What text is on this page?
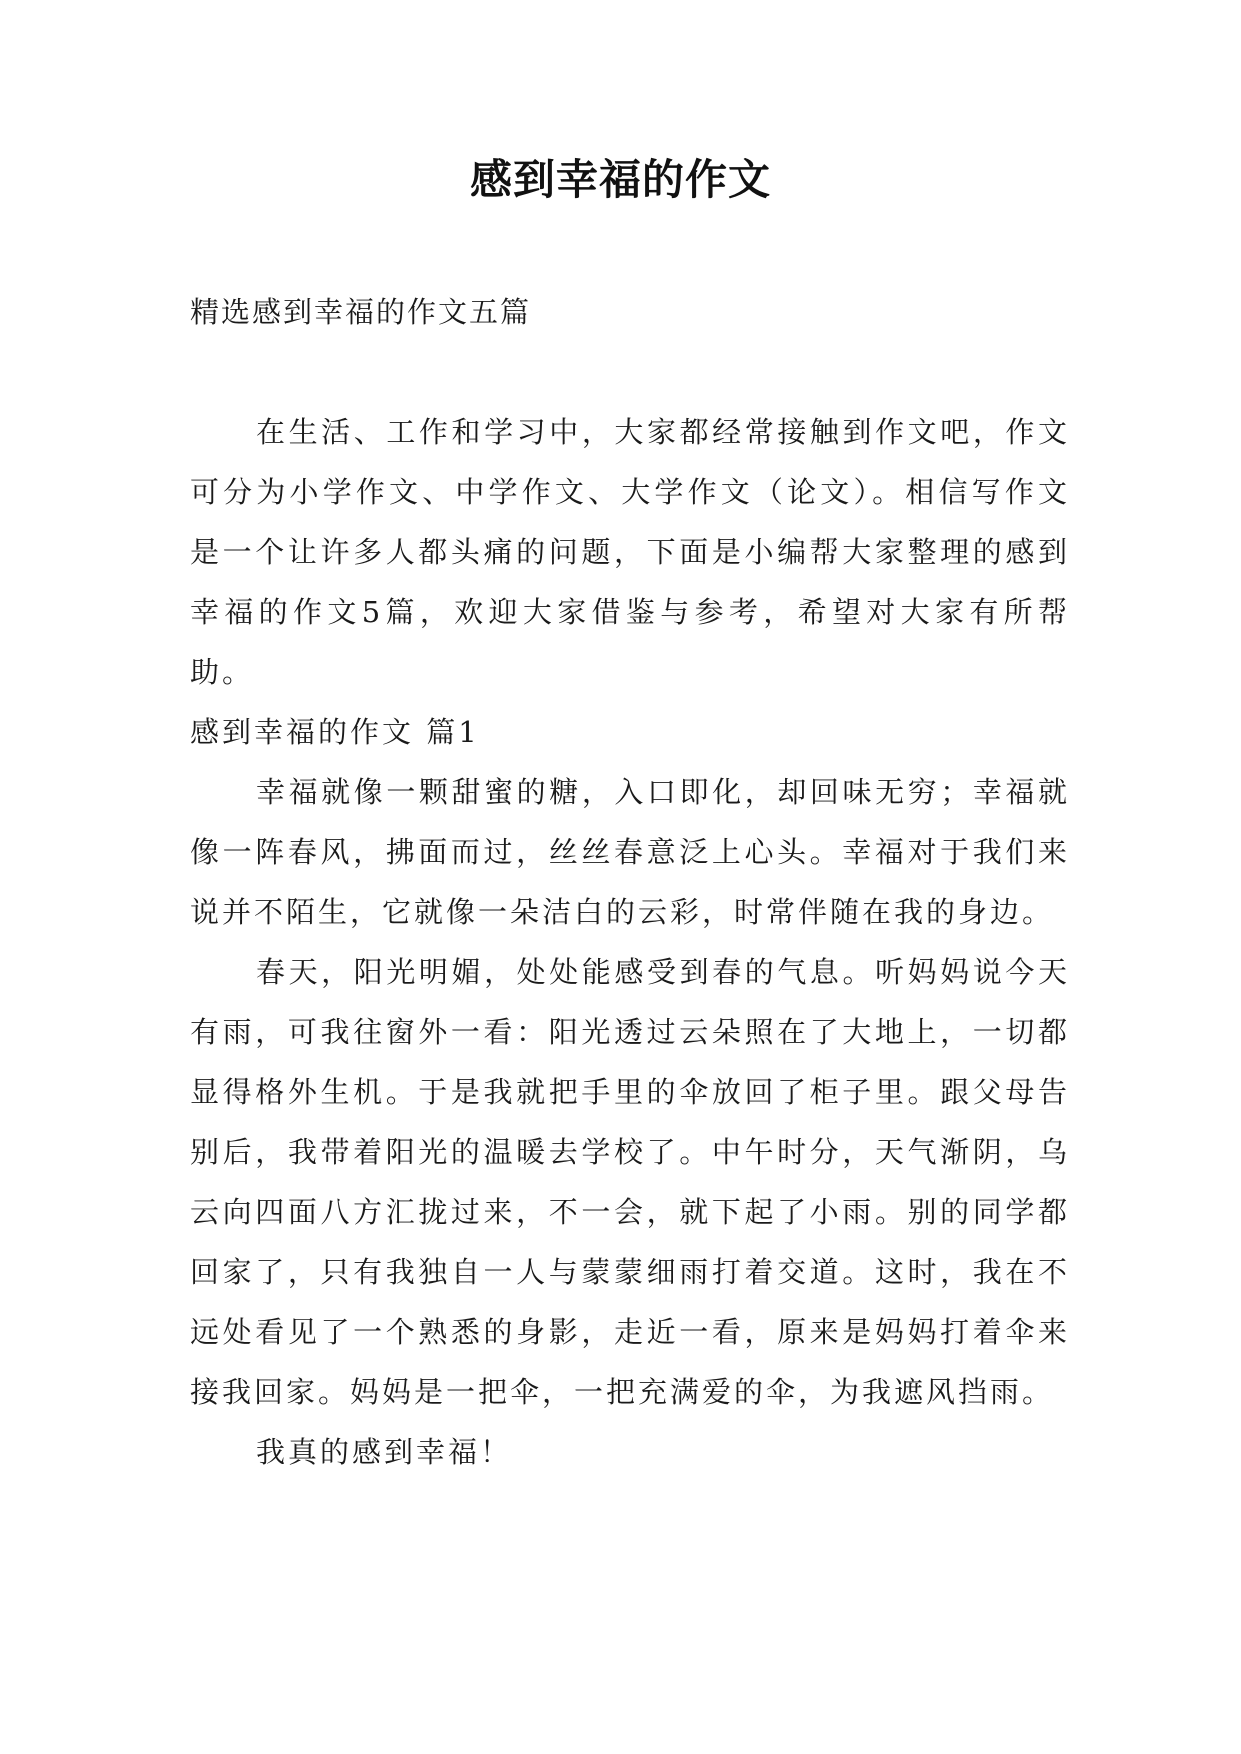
感到幸福的作文
精选感到幸福的作文五篇

在生活、工作和学习中，大家都经常接触到作文吧，作文可分为小学作文、中学作文、大学作文（论文）。相信写作文是一个让许多人都头痛的问题，下面是小编帮大家整理的感到幸福的作文5篇，欢迎大家借鉴与参考，希望对大家有所帮助。

感到幸福的作文 篇1

幸福就像一颗甜蜜的糖，入口即化，却回味无穷；幸福就像一阵春风，拂面而过，丝丝春意泛上心头。幸福对于我们来说并不陌生，它就像一朵洁白的云彩，时常伴随在我的身边。

春天，阳光明媚，处处能感受到春的气息。听妈妈说今天有雨，可我往窗外一看：阳光透过云朵照在了大地上，一切都显得格外生机。于是我就把手里的伞放回了柜子里。跟父母告别后，我带着阳光的温暖去学校了。中午时分，天气渐阴，乌云向四面八方汇拢过来，不一会，就下起了小雨。别的同学都回家了，只有我独自一人与蒙蒙细雨打着交道。这时，我在不远处看见了一个熟悉的身影，走近一看，原来是妈妈打着伞来接我回家。妈妈是一把伞，一把充满爱的伞，为我遮风挡雨。

我真的感到幸福！
